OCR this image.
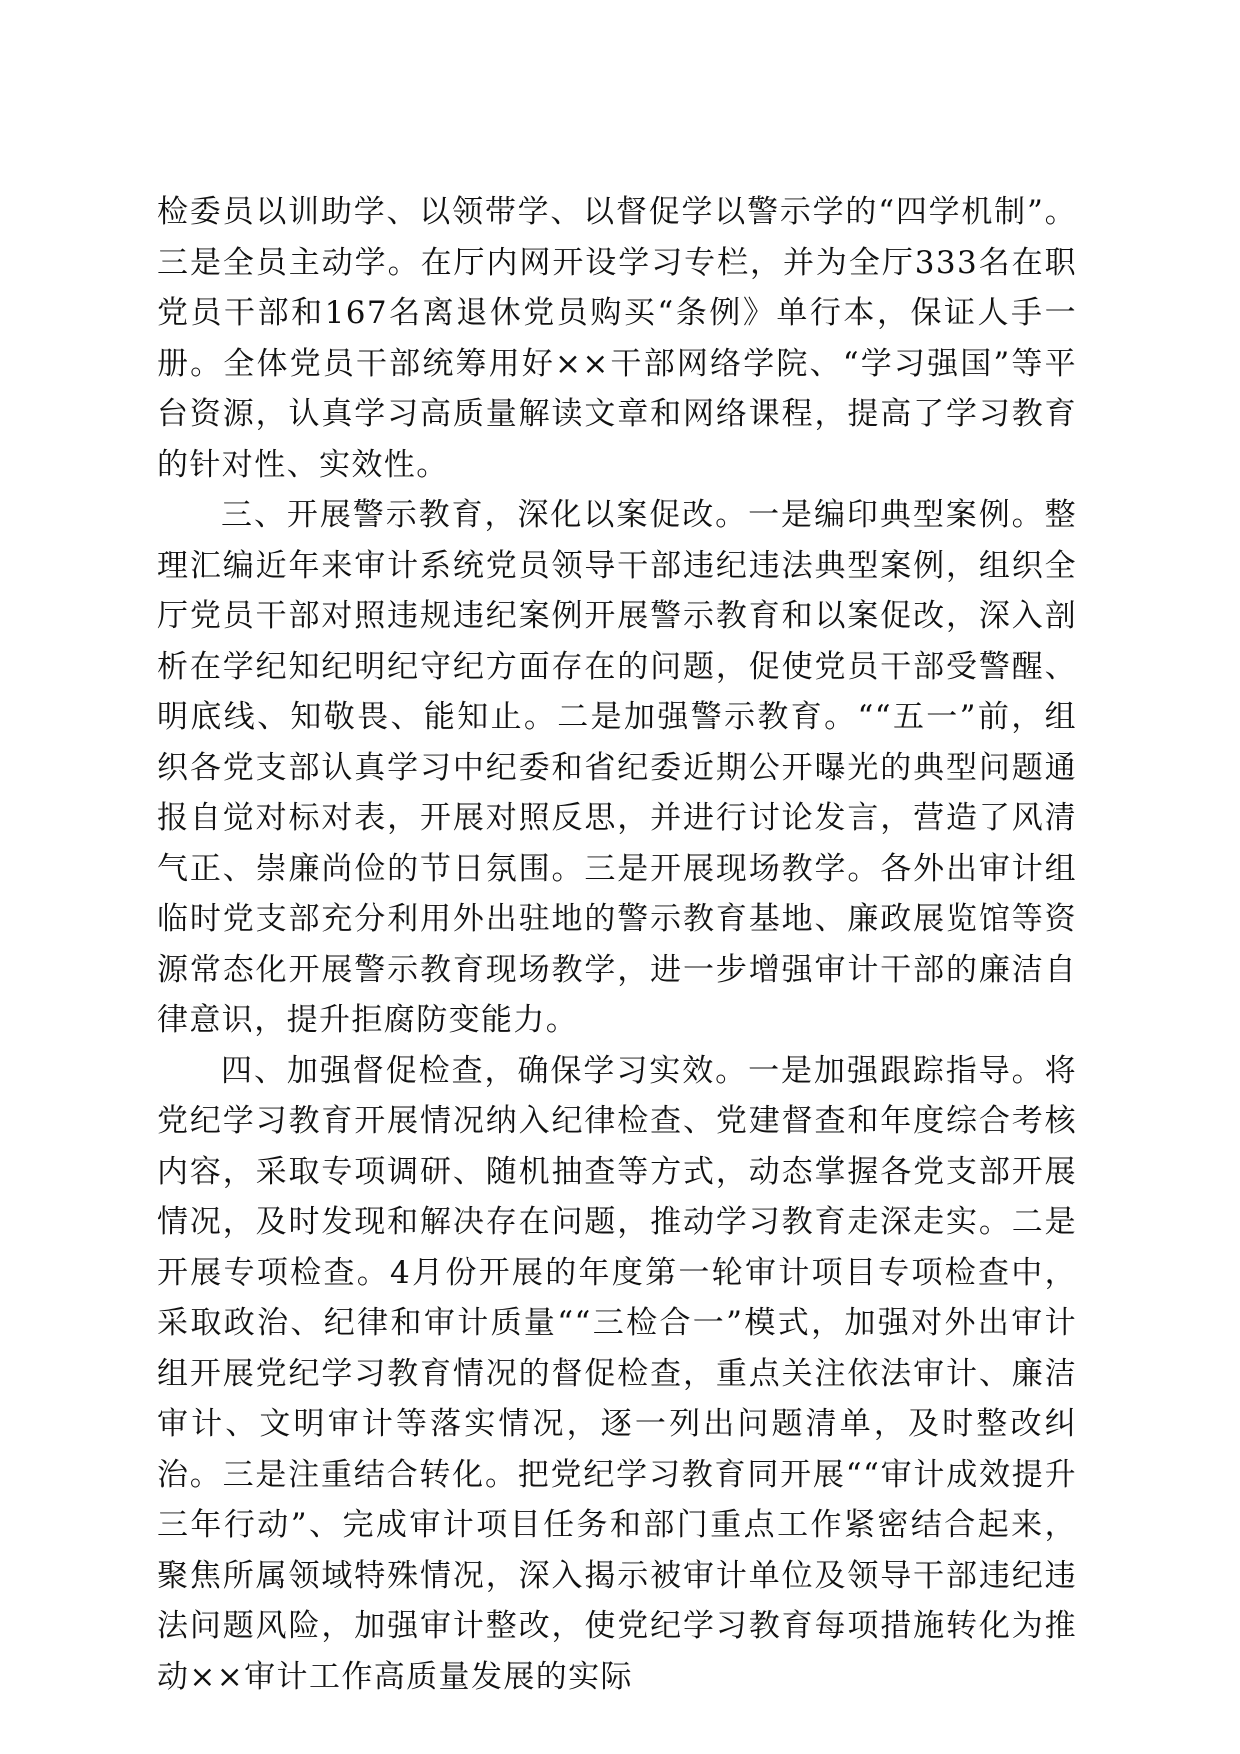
检委员以训助学、以领带学、以督促学以警示学的“四学机制”。三是全员主动学。在厅内网开设学习专栏，并为全厅333名在职党员干部和167名离退休党员购买“条例》单行本，保证人手一册。全体党员干部统筹用好××干部网络学院、“学习强国”等平台资源，认真学习高质量解读文章和网络课程，提高了学习教育的针对性、实效性。

三、开展警示教育，深化以案促改。一是编印典型案例。整理汇编近年来审计系统党员领导干部违纪违法典型案例，组织全厅党员干部对照违规违纪案例开展警示教育和以案促改，深入剖析在学纪知纪明纪守纪方面存在的问题，促使党员干部受警醒、明底线、知敬畏、能知止。二是加强警示教育。““五一”前，组织各党支部认真学习中纪委和省纪委近期公开曝光的典型问题通报自觉对标对表，开展对照反思，并进行讨论发言，营造了风清气正、崇廉尚俭的节日氛围。三是开展现场教学。各外出审计组临时党支部充分利用外出驻地的警示教育基地、廉政展览馆等资源常态化开展警示教育现场教学，进一步增强审计干部的廉洁自律意识，提升拒腐防变能力。

四、加强督促检查，确保学习实效。一是加强跟踪指导。将党纪学习教育开展情况纳入纪律检查、党建督查和年度综合考核内容，采取专项调研、随机抽查等方式，动态掌握各党支部开展情况，及时发现和解决存在问题，推动学习教育走深走实。二是开展专项检查。4月份开展的年度第一轮审计项目专项检查中，采取政治、纪律和审计质量““三检合一”模式，加强对外出审计组开展党纪学习教育情况的督促检查，重点关注依法审计、廉洁审计、文明审计等落实情况，逐一列出问题清单，及时整改纠治。三是注重结合转化。把党纪学习教育同开展““审计成效提升三年行动”、完成审计项目任务和部门重点工作紧密结合起来，聚焦所属领域特殊情况，深入揭示被审计单位及领导干部违纪违法问题风险，加强审计整改，使党纪学习教育每项措施转化为推动××审计工作高质量发展的实际
